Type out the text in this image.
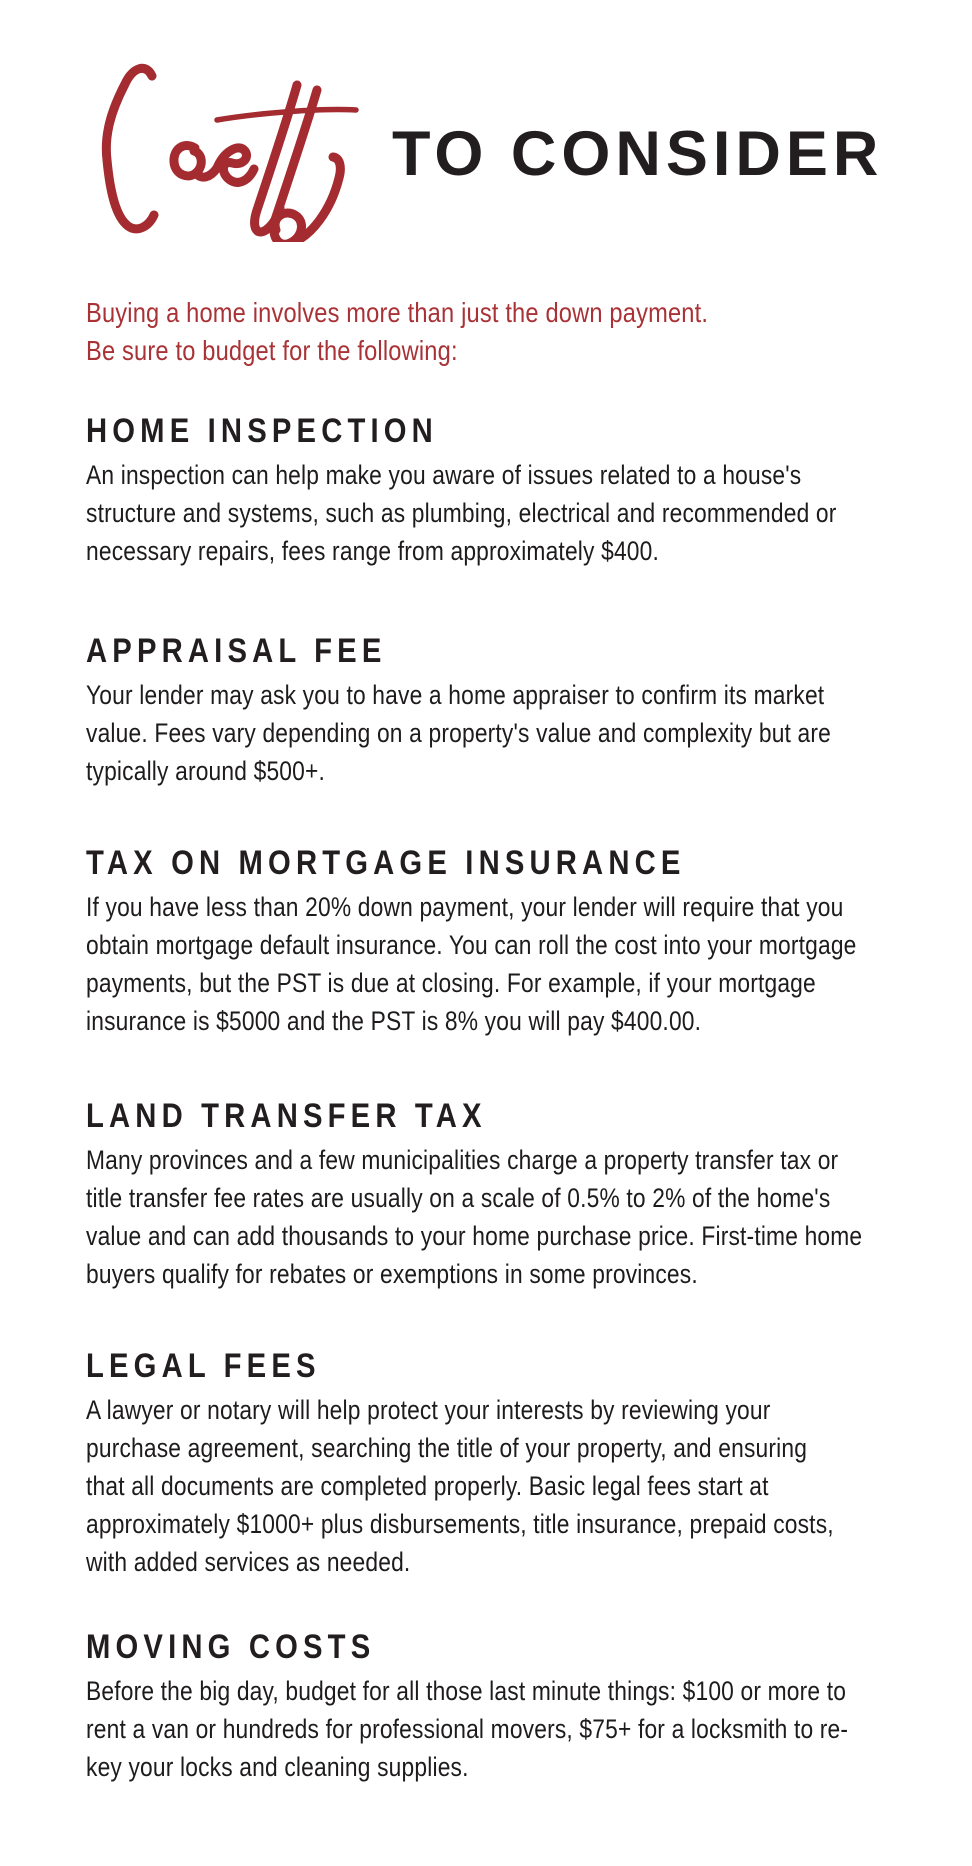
TO CONSIDER
Buying a home involves more than just the down payment.
Be sure to budget for the following:
HOME INSPECTION
An inspection can help make you aware of issues related to a house's
structure and systems, such as plumbing, electrical and recommended or
necessary repairs, fees range from approximately $400.
APPRAISAL FEE
Your lender may ask you to have a home appraiser to confirm its market
value. Fees vary depending on a property's value and complexity but are
typically around $500+.
TAX ON MORTGAGE INSURANCE
If you have less than 20% down payment, your lender will require that you
obtain mortgage default insurance. You can roll the cost into your mortgage
payments, but the PST is due at closing. For example, if your mortgage
insurance is $5000 and the PST is 8% you will pay $400.00.
LAND TRANSFER TAX
Many provinces and a few municipalities charge a property transfer tax or
title transfer fee rates are usually on a scale of 0.5% to 2% of the home's
value and can add thousands to your home purchase price. First-time home
buyers qualify for rebates or exemptions in some provinces.
LEGAL FEES
A lawyer or notary will help protect your interests by reviewing your
purchase agreement, searching the title of your property, and ensuring
that all documents are completed properly. Basic legal fees start at
approximately $1000+ plus disbursements, title insurance, prepaid costs,
with added services as needed.
MOVING COSTS
Before the big day, budget for all those last minute things: $100 or more to
rent a van or hundreds for professional movers, $75+ for a locksmith to re-
key your locks and cleaning supplies.
